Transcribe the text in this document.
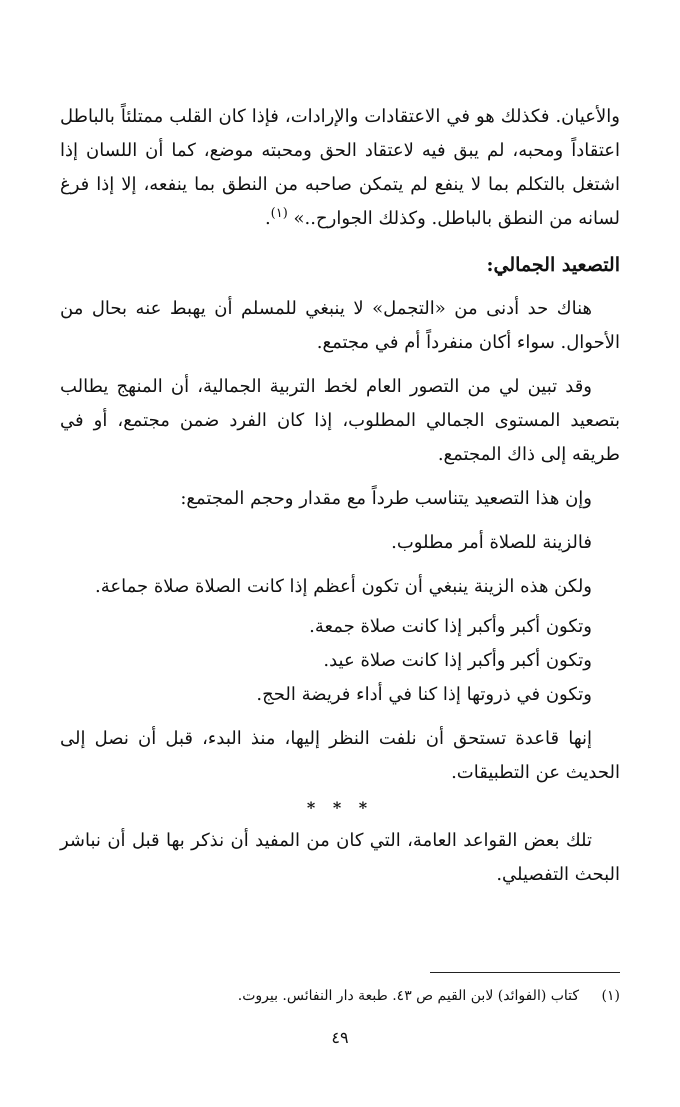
والأعيان. فكذلك هو في الاعتقادات والإرادات، فإذا كان القلب ممتلئاً بالباطل اعتقاداً ومحبه، لم يبق فيه لاعتقاد الحق ومحبته موضع، كما أن اللسان إذا اشتغل بالتكلم بما لا ينفع لم يتمكن صاحبه من النطق بما ينفعه، إلا إذا فرغ لسانه من النطق بالباطل. وكذلك الجوارح..» $^{(١)}$.

التصعيد الجمالي:

هناك حد أدنى من «التجمل» لا ينبغي للمسلم أن يهبط عنه بحال من الأحوال. سواء أكان منفرداً أم في مجتمع.

وقد تبين لي من التصور العام لخط التربية الجمالية، أن المنهج يطالب بتصعيد المستوى الجمالي المطلوب، إذا كان الفرد ضمن مجتمع، أو في طريقه إلى ذاك المجتمع.

وإن هذا التصعيد يتناسب طرداً مع مقدار وحجم المجتمع:

فالزينة للصلاة أمر مطلوب.

ولكن هذه الزينة ينبغي أن تكون أعظم إذا كانت الصلاة صلاة جماعة.

وتكون أكبر وأكبر إذا كانت صلاة جمعة.

وتكون أكبر وأكبر إذا كانت صلاة عيد.

وتكون في ذروتها إذا كنا في أداء فريضة الحج.

إنها قاعدة تستحق أن نلفت النظر إليها، منذ البدء، قبل أن نصل إلى الحديث عن التطبيقات.

* * *

تلك بعض القواعد العامة، التي كان من المفيد أن نذكر بها قبل أن نباشر البحث التفصيلي.

(١) كتاب (الفوائد) لابن القيم ص ٤٣. طبعة دار النفائس. بيروت.
٤٩
